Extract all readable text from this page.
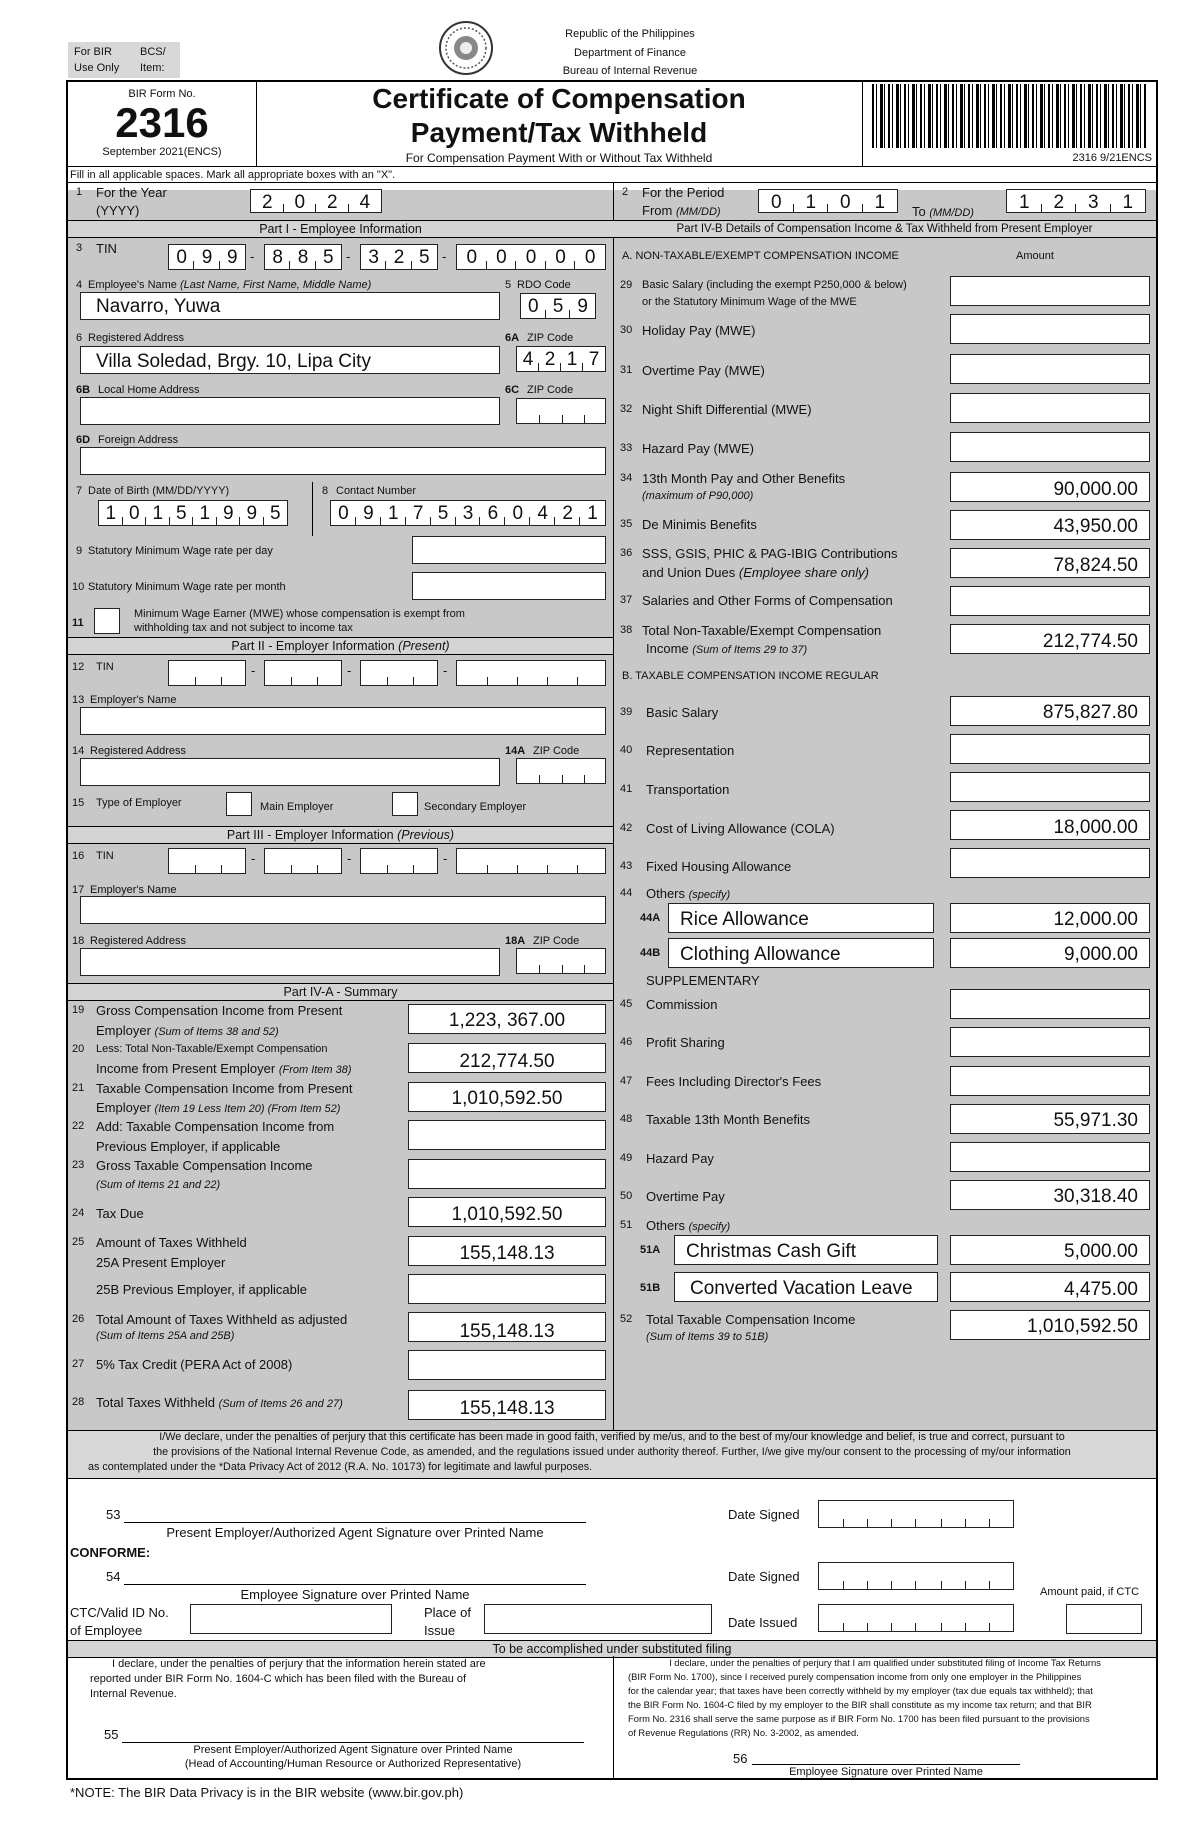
For BIR
Use Only
BCS/
Item:
Republic of the Philippines
Department of Finance
Bureau of Internal Revenue
BIR Form No.
2316
September 2021(ENCS)
Certificate of Compensation
Payment/Tax Withheld
For Compensation Payment With or Without Tax Withheld	2316 9/21ENCS
Fill in all applicable spaces. Mark all appropriate boxes with an "X".
1 For the Year
(YYYY)	2	0	2	4
Part I - Employee Information
3 TIN	0 9 9 - 8 8 5 - 3 2 5 -	0	0	0	0	0
4 Employee's Name (Last Name, First Name, Middle Name)
Navarro, Yuwa
5 RDO Code
0 5 9
6 Registered Address
Villa Soledad, Brgy. 10, Lipa City
6A ZIP Code
4 2 1 7
6B Local Home Address	6C ZIP Code
6D Foreign Address
7 Date of Birth (MM/DD/YYYY)
1 0 1 5 1 9 9 5
8 Contact Number
0 9 1 7 5 3 6 0 4 2 1
9 Statutory Minimum Wage rate per day
10 Statutory Minimum Wage rate per month
11
Minimum Wage Earner (MWE) whose compensation is exempt from
withholding tax and not subject to income tax
Part II - Employer Information (Present)
12 TIN	-	-	-
13 Employer's Name
14 Registered Address	14A ZIP Code
15 Type of Employer	Main Employer	Secondary Employer
Part III - Employer Information (Previous)
16 TIN	-	-	-
17 Employer's Name
18 Registered Address	18A ZIP Code
Part IV-A - Summary
19 Gross Compensation Income from Present
Employer (Sum of Items 38 and 52)
1,223, 367.00
20 Less: Total Non-Taxable/Exempt Compensation
Income from Present Employer (From Item 38)	212,774.50
21 Taxable Compensation Income from Present
Employer (Item 19 Less Item 20) (From Item 52)	1,010,592.50
22 Add: Taxable Compensation Income from
Previous Employer, if applicable
23 Gross Taxable Compensation Income
(Sum of Items 21 and 22)
24 Tax Due	1,010,592.50
25 Amount of Taxes Withheld
25A Present Employer	155,148.13
25B Previous Employer, if applicable
26 Total Amount of Taxes Withheld as adjusted
(Sum of Items 25A and 25B)	155,148.13
27 5% Tax Credit (PERA Act of 2008)
28 Total Taxes Withheld (Sum of Items 26 and 27)	155,148.13
2 For the Period
From (MM/DD)	0	1	0	1	To (MM/DD)	1	2	3	1
Part IV-B Details of Compensation Income & Tax Withheld from Present Employer
A. NON-TAXABLE/EXEMPT COMPENSATION INCOME	Amount
29 Basic Salary (including the exempt P250,000 & below)
or the Statutory Minimum Wage of the MWE
30 Holiday Pay (MWE)
31 Overtime Pay (MWE)
32 Night Shift Differential (MWE)
33 Hazard Pay (MWE)
34 13th Month Pay and Other Benefits
(maximum of P90,000)	90,000.00
35 De Minimis Benefits	43,950.00
36 SSS, GSIS, PHIC & PAG-IBIG Contributions
and Union Dues (Employee share only)	78,824.50
37 Salaries and Other Forms of Compensation
38 Total Non-Taxable/Exempt Compensation
Income (Sum of Items 29 to 37)	212,774.50
B. TAXABLE COMPENSATION INCOME REGULAR
39 Basic Salary	875,827.80
40 Representation
41 Transportation
42 Cost of Living Allowance (COLA)	18,000.00
43 Fixed Housing Allowance
44 Others (specify)
44A Rice Allowance	12,000.00
44B Clothing Allowance	9,000.00
SUPPLEMENTARY
45 Commission
46 Profit Sharing
47 Fees Including Director's Fees
48 Taxable 13th Month Benefits	55,971.30
49 Hazard Pay
50 Overtime Pay	30,318.40
51 Others (specify)
51A Christmas Cash Gift	5,000.00
51B Converted Vacation Leave	4,475.00
52 Total Taxable Compensation Income
(Sum of Items 39 to 51B)	1,010,592.50
I/We declare, under the penalties of perjury that this certificate has been made in good faith, verified by me/us, and to the best of my/our knowledge and belief, is true and correct, pursuant to
the provisions of the National Internal Revenue Code, as amended, and the regulations issued under authority thereof. Further, I/we give my/our consent to the processing of my/our information
as contemplated under the *Data Privacy Act of 2012 (R.A. No. 10173) for legitimate and lawful purposes.
53
Present Employer/Authorized Agent Signature over Printed Name
Date Signed
CONFORME:
54
Employee Signature over Printed Name
Date Signed
Amount paid, if CTC
CTC/Valid ID No.
of Employee
Place of
Issue
Date Issued
To be accomplished under substituted filing
I declare, under the penalties of perjury that the information herein stated are
reported under BIR Form No. 1604-C which has been filed with the Bureau of
Internal Revenue.
55
Present Employer/Authorized Agent Signature over Printed Name
(Head of Accounting/Human Resource or Authorized Representative)
I declare, under the penalties of perjury that I am qualified under substituted filing of Income Tax Returns
(BIR Form No. 1700), since I received purely compensation income from only one employer in the Philippines
for the calendar year; that taxes have been correctly withheld by my employer (tax due equals tax withheld); that
the BIR Form No. 1604-C filed by my employer to the BIR shall constitute as my income tax return; and that BIR
Form No. 2316 shall serve the same purpose as if BIR Form No. 1700 has been filed pursuant to the provisions
of Revenue Regulations (RR) No. 3-2002, as amended.
56
Employee Signature over Printed Name
*NOTE: The BIR Data Privacy is in the BIR website (www.bir.gov.ph)
